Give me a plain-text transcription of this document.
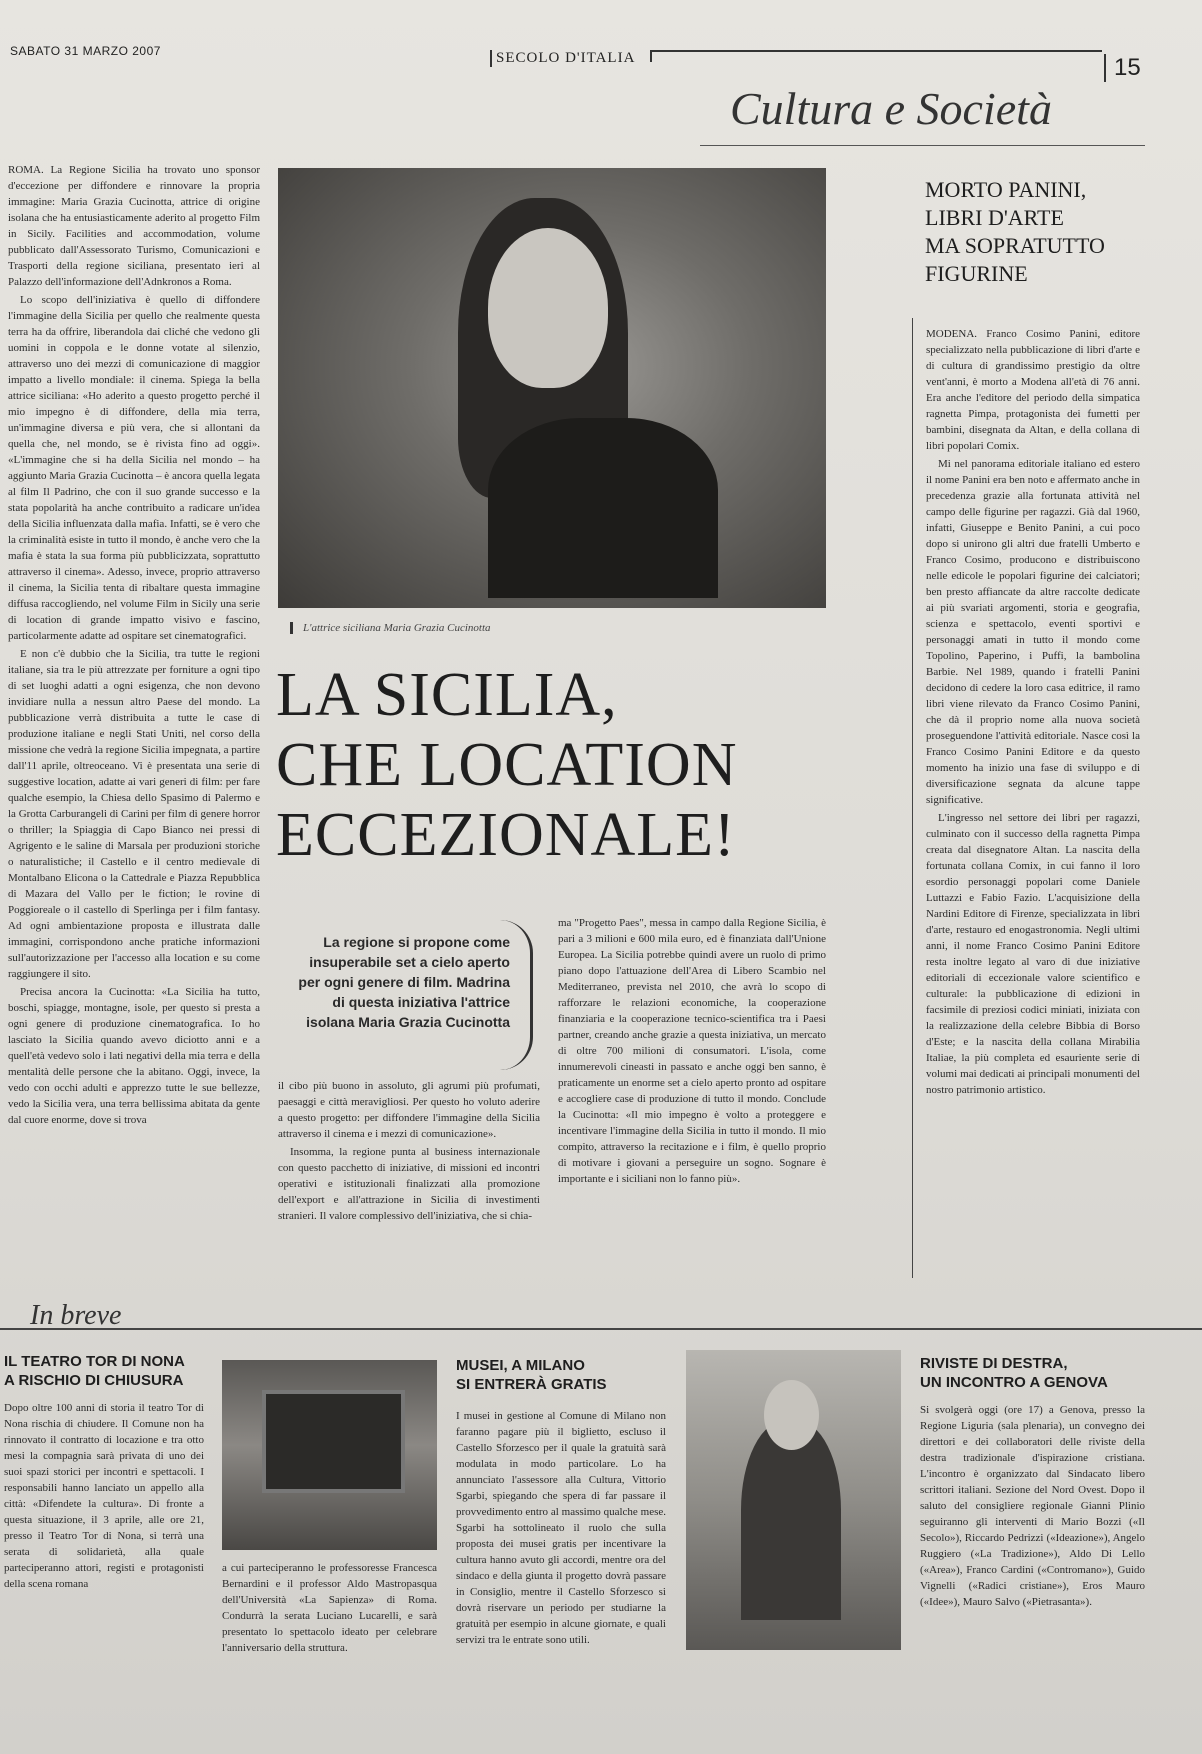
SABATO 31 MARZO 2007	SECOLO D'ITALIA	15
Cultura e Società

ROMA. La Regione Sicilia ha trovato uno sponsor d'eccezione per diffondere e rinnovare la propria immagine: Maria Grazia Cucinotta, attrice di origine isolana che ha entusiasticamente aderito al progetto Film in Sicily. Facilities and accommodation, volume pubblicato dall'Assessorato Turismo, Comunicazioni e Trasporti della regione siciliana, presentato ieri al Palazzo dell'informazione dell'Adnkronos a Roma.

Lo scopo dell'iniziativa è quello di diffondere l'immagine della Sicilia per quello che realmente questa terra ha da offrire, liberandola dai cliché che vedono gli uomini in coppola e le donne votate al silenzio, attraverso uno dei mezzi di comunicazione di maggior impatto a livello mondiale: il cinema. Spiega la bella attrice siciliana: «Ho aderito a questo progetto perché il mio impegno è di diffondere, della mia terra, un'immagine diversa e più vera, che si allontani da quella che, nel mondo, se è rivista fino ad oggi». «L'immagine che si ha della Sicilia nel mondo – ha aggiunto Maria Grazia Cucinotta – è ancora quella legata al film Il Padrino, che con il suo grande successo e la stata popolarità ha anche contribuito a radicare un'idea della Sicilia influenzata dalla mafia. Infatti, se è vero che la criminalità esiste in tutto il mondo, è anche vero che la mafia è stata la sua forma più pubblicizzata, soprattutto attraverso il cinema». Adesso, invece, proprio attraverso il cinema, la Sicilia tenta di ribaltare questa immagine diffusa raccogliendo, nel volume Film in Sicily una serie di location di grande impatto visivo e fascino, particolarmente adatte ad ospitare set cinematografici.

E non c'è dubbio che la Sicilia, tra tutte le regioni italiane, sia tra le più attrezzate per forniture a ogni tipo di set luoghi adatti a ogni esigenza, che non devono invidiare nulla a nessun altro Paese del mondo. La pubblicazione verrà distribuita a tutte le case di produzione italiane e negli Stati Uniti, nel corso della missione che vedrà la regione Sicilia impegnata, a partire dall'11 aprile, oltreoceano. Vi è presentata una serie di suggestive location, adatte ai vari generi di film: per fare qualche esempio, la Chiesa dello Spasimo di Palermo e la Grotta Carburangeli di Carini per film di genere horror o thriller; la Spiaggia di Capo Bianco nei pressi di Agrigento e le saline di Marsala per produzioni storiche o naturalistiche; il Castello e il centro medievale di Montalbano Elicona o la Cattedrale e Piazza Repubblica di Mazara del Vallo per le fiction; le rovine di Poggioreale o il castello di Sperlinga per i film fantasy. Ad ogni ambientazione proposta e illustrata dalle immagini, corrispondono anche pratiche informazioni sull'autorizzazione per l'accesso alla location e su come raggiungere il sito.

Precisa ancora la Cucinotta: «La Sicilia ha tutto, boschi, spiagge, montagne, isole, per questo si presta a ogni genere di produzione cinematografica. Io ho lasciato la Sicilia quando avevo diciotto anni e a quell'età vedevo solo i lati negativi della mia terra e della mentalità delle persone che la abitano. Oggi, invece, la vedo con occhi adulti e apprezzo tutte le sue bellezze, vedo la Sicilia vera, una terra bellissima abitata da gente dal cuore enorme, dove si trova

L'attrice siciliana Maria Grazia Cucinotta
LA SICILIA,
CHE LOCATION
ECCEZIONALE!
La regione si propone come insuperabile set a cielo aperto per ogni genere di film. Madrina di questa iniziativa l'attrice isolana Maria Grazia Cucinotta

il cibo più buono in assoluto, gli agrumi più profumati, paesaggi e città meravigliosi. Per questo ho voluto aderire a questo progetto: per diffondere l'immagine della Sicilia attraverso il cinema e i mezzi di comunicazione».

Insomma, la regione punta al business internazionale con questo pacchetto di iniziative, di missioni ed incontri operativi e istituzionali finalizzati alla promozione dell'export e all'attrazione in Sicilia di investimenti stranieri. Il valore complessivo dell'iniziativa, che si chia-

ma "Progetto Paes", messa in campo dalla Regione Sicilia, è pari a 3 milioni e 600 mila euro, ed è finanziata dall'Unione Europea. La Sicilia potrebbe quindi avere un ruolo di primo piano dopo l'attuazione dell'Area di Libero Scambio nel Mediterraneo, prevista nel 2010, che avrà lo scopo di rafforzare le relazioni economiche, la cooperazione finanziaria e la cooperazione tecnico-scientifica tra i Paesi partner, creando anche grazie a questa iniziativa, un mercato di oltre 700 milioni di consumatori. L'isola, come innumerevoli cineasti in passato e anche oggi ben sanno, è praticamente un enorme set a cielo aperto pronto ad ospitare e accogliere case di produzione di tutto il mondo. Conclude la Cucinotta: «Il mio impegno è volto a proteggere e incentivare l'immagine della Sicilia in tutto il mondo. Il mio compito, attraverso la recitazione e i film, è quello proprio di motivare i giovani a perseguire un sogno. Sognare è importante e i siciliani non lo fanno più».

MORTO PANINI,
LIBRI D'ARTE
MA SOPRATUTTO
FIGURINE

MODENA. Franco Cosimo Panini, editore specializzato nella pubblicazione di libri d'arte e di cultura di grandissimo prestigio da oltre vent'anni, è morto a Modena all'età di 76 anni. Era anche l'editore del periodo della simpatica ragnetta Pimpa, protagonista dei fumetti per bambini, disegnata da Altan, e della collana di libri popolari Comix.

Mi nel panorama editoriale italiano ed estero il nome Panini era ben noto e affermato anche in precedenza grazie alla fortunata attività nel campo delle figurine per ragazzi. Già dal 1960, infatti, Giuseppe e Benito Panini, a cui poco dopo si unirono gli altri due fratelli Umberto e Franco Cosimo, producono e distribuiscono nelle edicole le popolari figurine dei calciatori; ben presto affiancate da altre raccolte dedicate ai più svariati argomenti, storia e geografia, scienza e spettacolo, eventi sportivi e personaggi amati in tutto il mondo come Topolino, Paperino, i Puffi, la bambolina Barbie. Nel 1989, quando i fratelli Panini decidono di cedere la loro casa editrice, il ramo libri viene rilevato da Franco Cosimo Panini, che dà il proprio nome alla nuova società proseguendone l'attività editoriale. Nasce così la Franco Cosimo Panini Editore e da questo momento ha inizio una fase di sviluppo e di diversificazione segnata da alcune tappe significative.

L'ingresso nel settore dei libri per ragazzi, culminato con il successo della ragnetta Pimpa creata dal disegnatore Altan. La nascita della fortunata collana Comix, in cui fanno il loro esordio personaggi popolari come Daniele Luttazzi e Fabio Fazio. L'acquisizione della Nardini Editore di Firenze, specializzata in libri d'arte, restauro ed enogastronomia. Negli ultimi anni, il nome Franco Cosimo Panini Editore resta inoltre legato al varo di due iniziative editoriali di eccezionale valore scientifico e culturale: la pubblicazione di edizioni in facsimile di preziosi codici miniati, iniziata con la realizzazione della celebre Bibbia di Borso d'Este; e la nascita della collana Mirabilia Italiae, la più completa ed esauriente serie di volumi mai dedicati ai principali monumenti del nostro patrimonio artistico.

In breve
IL TEATRO TOR DI NONA
A RISCHIO DI CHIUSURA

Dopo oltre 100 anni di storia il teatro Tor di Nona rischia di chiudere. Il Comune non ha rinnovato il contratto di locazione e tra otto mesi la compagnia sarà privata di uno dei suoi spazi storici per incontri e spettacoli. I responsabili hanno lanciato un appello alla città: «Difendete la cultura». Di fronte a questa situazione, il 3 aprile, alle ore 21, presso il Teatro Tor di Nona, si terrà una serata di solidarietà, alla quale parteciperanno attori, registi e protagonisti della scena romana

a cui parteciperanno le professoresse Francesca Bernardini e il professor Aldo Mastropasqua dell'Università «La Sapienza» di Roma. Condurrà la serata Luciano Lucarelli, e sarà presentato lo spettacolo ideato per celebrare l'anniversario della struttura.

MUSEI, A MILANO
SI ENTRERÀ GRATIS

I musei in gestione al Comune di Milano non faranno pagare più il biglietto, escluso il Castello Sforzesco per il quale la gratuità sarà modulata in modo particolare. Lo ha annunciato l'assessore alla Cultura, Vittorio Sgarbi, spiegando che spera di far passare il provvedimento entro al massimo qualche mese. Sgarbi ha sottolineato il ruolo che sulla proposta dei musei gratis per incentivare la cultura hanno avuto gli accordi, mentre ora del sindaco e della giunta il progetto dovrà passare in Consiglio, mentre il Castello Sforzesco si dovrà riservare un periodo per studiarne la gratuità per esempio in alcune giornate, e quali servizi tra le entrate sono utili.

RIVISTE DI DESTRA,
UN INCONTRO A GENOVA

Si svolgerà oggi (ore 17) a Genova, presso la Regione Liguria (sala plenaria), un convegno dei direttori e dei collaboratori delle riviste della destra tradizionale d'ispirazione cristiana. L'incontro è organizzato dal Sindacato libero scrittori italiani. Sezione del Nord Ovest. Dopo il saluto del consigliere regionale Gianni Plinio seguiranno gli interventi di Mario Bozzi («Il Secolo»), Riccardo Pedrizzi («Ideazione»), Angelo Ruggiero («La Tradizione»), Aldo Di Lello («Area»), Franco Cardini («Contromano»), Guido Vignelli («Radici cristiane»), Eros Mauro («Idee»), Mauro Salvo («Pietrasanta»).
